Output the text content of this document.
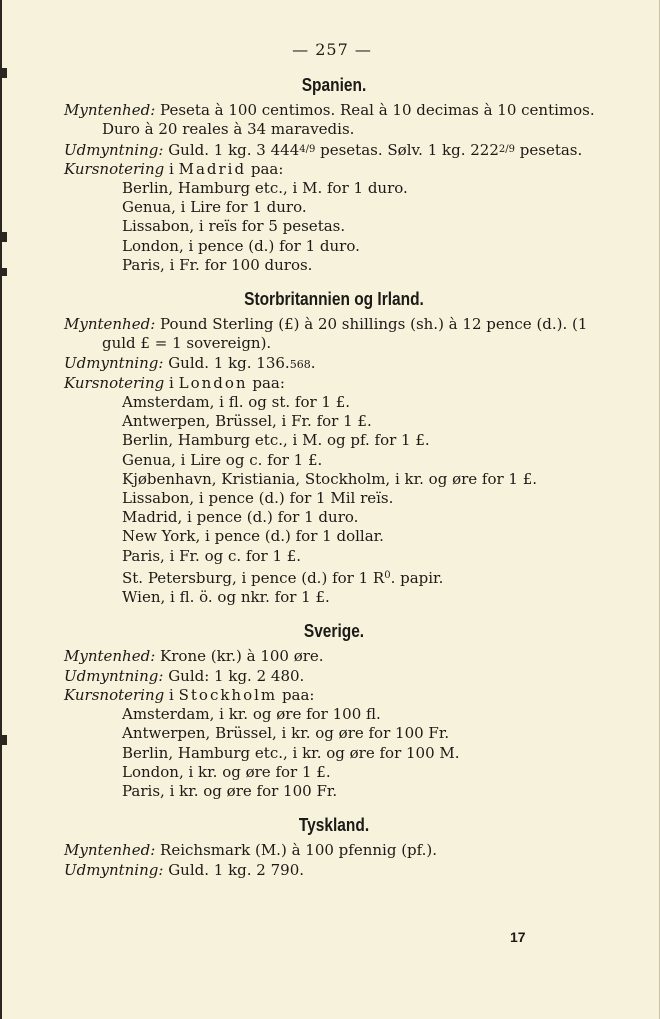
— 257 —
Spanien.

Myntenhed: Peseta à 100 centimos. Real à 10 decimas à 10 centimos. Duro à 20 reales à 34 maravedis.

Udmyntning: Guld. 1 kg. 3 $444^{4/9}$ pesetas. Sølv. 1 kg. $222^{2/9}$ pesetas.

Kursnotering i Madrid paa:

Berlin, Hamburg etc., i M. for 1 duro.

Genua, i Lire for 1 duro.

Lissabon, i reïs for 5 pesetas.

London, i pence (d.) for 1 duro.

Paris, i Fr. for 100 duros.

Storbritannien og Irland.

Myntenhed: Pound Sterling (£) à 20 shillings (sh.) à 12 pence (d.). (1 guld £ = 1 sovereign).

Udmyntning: Guld. 1 kg. 136.568.

Kursnotering i London paa:

Amsterdam, i fl. og st. for 1 £.

Antwerpen, Brüssel, i Fr. for 1 £.

Berlin, Hamburg etc., i M. og pf. for 1 £.

Genua, i Lire og c. for 1 £.

Kjøbenhavn, Kristiania, Stockholm, i kr. og øre for 1 £.

Lissabon, i pence (d.) for 1 Mil reïs.

Madrid, i pence (d.) for 1 duro.

New York, i pence (d.) for 1 dollar.

Paris, i Fr. og c. for 1 £.

St. Petersburg, i pence (d.) for 1 $R^0$. papir.

Wien, i fl. ö. og nkr. for 1 £.

Sverige.

Myntenhed: Krone (kr.) à 100 øre.

Udmyntning: Guld: 1 kg. 2 480.

Kursnotering i Stockholm paa:

Amsterdam, i kr. og øre for 100 fl.

Antwerpen, Brüssel, i kr. og øre for 100 Fr.

Berlin, Hamburg etc., i kr. og øre for 100 M.

London, i kr. og øre for 1 £.

Paris, i kr. og øre for 100 Fr.

Tyskland.

Myntenhed: Reichsmark (M.) à 100 pfennig (pf.).

Udmyntning: Guld. 1 kg. 2 790.

17
